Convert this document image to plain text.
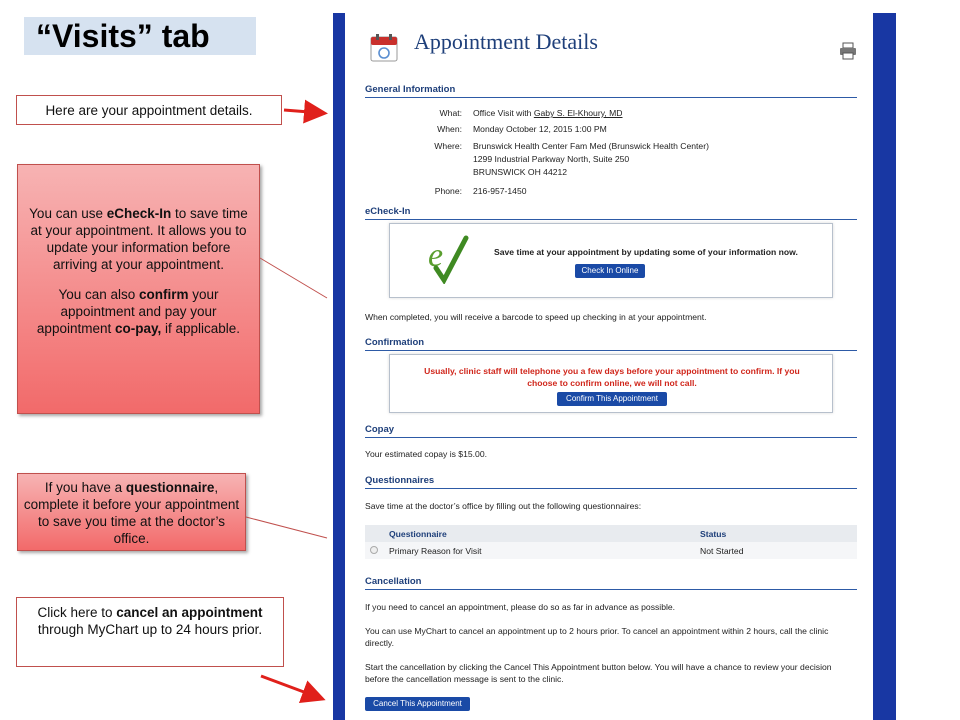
“Visits” tab
Here are your appointment details.

You can use eCheck-In to save time at your appointment. It allows you to update your information before arriving at your appointment.

You can also confirm your appointment and pay your appointment co-pay, if applicable.

If you have a questionnaire, complete it before your appointment to save you time at the doctor’s office.
Click here to cancel an appointment through MyChart up to 24 hours prior.
Appointment Details
General Information
What: Office Visit with Gaby S. El-Khoury, MD
When: Monday October 12, 2015 1:00 PM
Where: Brunswick Health Center Fam Med (Brunswick Health Center)
1299 Industrial Parkway North, Suite 250
BRUNSWICK OH 44212
Phone: 216-957-1450
eCheck-In
e	Save time at your appointment by updating some of your information now.
Check In Online
When completed, you will receive a barcode to speed up checking in at your appointment.
Confirmation
Usually, clinic staff will telephone you a few days before your appointment to confirm. If you
choose to confirm online, we will not call.
Confirm This Appointment
Copay
Your estimated copay is $15.00.
Questionnaires
Save time at the doctor’s office by filling out the following questionnaires:
Questionnaire	Status
Primary Reason for Visit	Not Started
Cancellation
If you need to cancel an appointment, please do so as far in advance as possible.
You can use MyChart to cancel an appointment up to 2 hours prior. To cancel an appointment within 2 hours, call the clinic
directly.
Start the cancellation by clicking the Cancel This Appointment button below. You will have a chance to review your decision
before the cancellation message is sent to the clinic.
Cancel This Appointment
